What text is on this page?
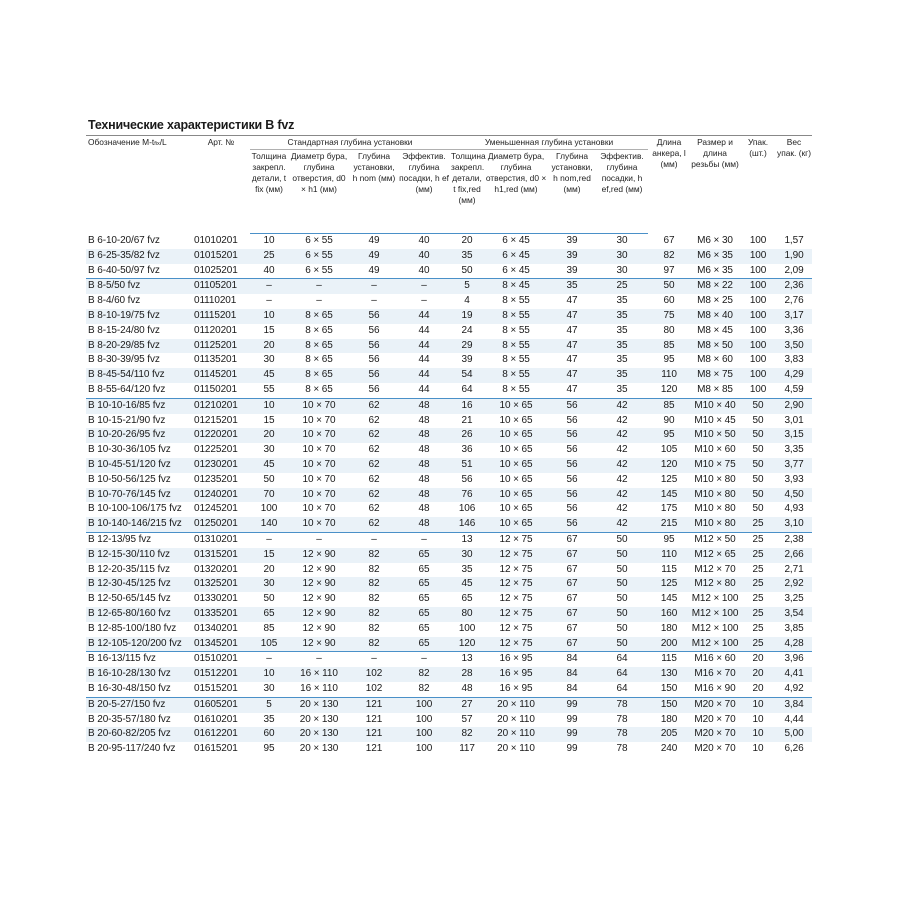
Технические характеристики B fvz
Обозначение M-tfix/L	Арт. №	Стандартная глубина установки				Уменьшенная глубина установки				Длина анкера, l (мм)	Размер и длина резьбы (мм)	Упак. (шт.)	Вес упак. (кг)
		Толщина закрепл. детали, t fix (мм)	Диаметр бура, глубина отверстия, d0 × h1 (мм)	Глубина установки, h nom (мм)	Эффектив. глубина посадки, h ef (мм)	Толщина закрепл. детали, t fix,red (мм)	Диаметр бура, глубина отверстия, d0 × h1,red (мм)	Глубина установки, h nom,red (мм)	Эффектив. глубина посадки, h ef,red (мм)				
B 6-10-20/67 fvz	01010201	10	6 × 55	49	40	20	6 × 45	39	30	67	M6 × 30	100	1,57
B 6-25-35/82 fvz	01015201	25	6 × 55	49	40	35	6 × 45	39	30	82	M6 × 35	100	1,90
B 6-40-50/97 fvz	01025201	40	6 × 55	49	40	50	6 × 45	39	30	97	M6 × 35	100	2,09
B 8-5/50 fvz	01105201	–	–	–	–	5	8 × 45	35	25	50	M8 × 22	100	2,36
B 8-4/60 fvz	01110201	–	–	–	–	4	8 × 55	47	35	60	M8 × 25	100	2,76
B 8-10-19/75 fvz	01115201	10	8 × 65	56	44	19	8 × 55	47	35	75	M8 × 40	100	3,17
B 8-15-24/80 fvz	01120201	15	8 × 65	56	44	24	8 × 55	47	35	80	M8 × 45	100	3,36
B 8-20-29/85 fvz	01125201	20	8 × 65	56	44	29	8 × 55	47	35	85	M8 × 50	100	3,50
B 8-30-39/95 fvz	01135201	30	8 × 65	56	44	39	8 × 55	47	35	95	M8 × 60	100	3,83
B 8-45-54/110 fvz	01145201	45	8 × 65	56	44	54	8 × 55	47	35	110	M8 × 75	100	4,29
B 8-55-64/120 fvz	01150201	55	8 × 65	56	44	64	8 × 55	47	35	120	M8 × 85	100	4,59
B 10-10-16/85 fvz	01210201	10	10 × 70	62	48	16	10 × 65	56	42	85	M10 × 40	50	2,90
B 10-15-21/90 fvz	01215201	15	10 × 70	62	48	21	10 × 65	56	42	90	M10 × 45	50	3,01
B 10-20-26/95 fvz	01220201	20	10 × 70	62	48	26	10 × 65	56	42	95	M10 × 50	50	3,15
B 10-30-36/105 fvz	01225201	30	10 × 70	62	48	36	10 × 65	56	42	105	M10 × 60	50	3,35
B 10-45-51/120 fvz	01230201	45	10 × 70	62	48	51	10 × 65	56	42	120	M10 × 75	50	3,77
B 10-50-56/125 fvz	01235201	50	10 × 70	62	48	56	10 × 65	56	42	125	M10 × 80	50	3,93
B 10-70-76/145 fvz	01240201	70	10 × 70	62	48	76	10 × 65	56	42	145	M10 × 80	50	4,50
B 10-100-106/175 fvz	01245201	100	10 × 70	62	48	106	10 × 65	56	42	175	M10 × 80	50	4,93
B 10-140-146/215 fvz	01250201	140	10 × 70	62	48	146	10 × 65	56	42	215	M10 × 80	25	3,10
B 12-13/95 fvz	01310201	–	–	–	–	13	12 × 75	67	50	95	M12 × 50	25	2,38
B 12-15-30/110 fvz	01315201	15	12 × 90	82	65	30	12 × 75	67	50	110	M12 × 65	25	2,66
B 12-20-35/115 fvz	01320201	20	12 × 90	82	65	35	12 × 75	67	50	115	M12 × 70	25	2,71
B 12-30-45/125 fvz	01325201	30	12 × 90	82	65	45	12 × 75	67	50	125	M12 × 80	25	2,92
B 12-50-65/145 fvz	01330201	50	12 × 90	82	65	65	12 × 75	67	50	145	M12 × 100	25	3,25
B 12-65-80/160 fvz	01335201	65	12 × 90	82	65	80	12 × 75	67	50	160	M12 × 100	25	3,54
B 12-85-100/180 fvz	01340201	85	12 × 90	82	65	100	12 × 75	67	50	180	M12 × 100	25	3,85
B 12-105-120/200 fvz	01345201	105	12 × 90	82	65	120	12 × 75	67	50	200	M12 × 100	25	4,28
B 16-13/115 fvz	01510201	–	–	–	–	13	16 × 95	84	64	115	M16 × 60	20	3,96
B 16-10-28/130 fvz	01512201	10	16 × 110	102	82	28	16 × 95	84	64	130	M16 × 70	20	4,41
B 16-30-48/150 fvz	01515201	30	16 × 110	102	82	48	16 × 95	84	64	150	M16 × 90	20	4,92
B 20-5-27/150 fvz	01605201	5	20 × 130	121	100	27	20 × 110	99	78	150	M20 × 70	10	3,84
B 20-35-57/180 fvz	01610201	35	20 × 130	121	100	57	20 × 110	99	78	180	M20 × 70	10	4,44
B 20-60-82/205 fvz	01612201	60	20 × 130	121	100	82	20 × 110	99	78	205	M20 × 70	10	5,00
B 20-95-117/240 fvz	01615201	95	20 × 130	121	100	117	20 × 110	99	78	240	M20 × 70	10	6,26
